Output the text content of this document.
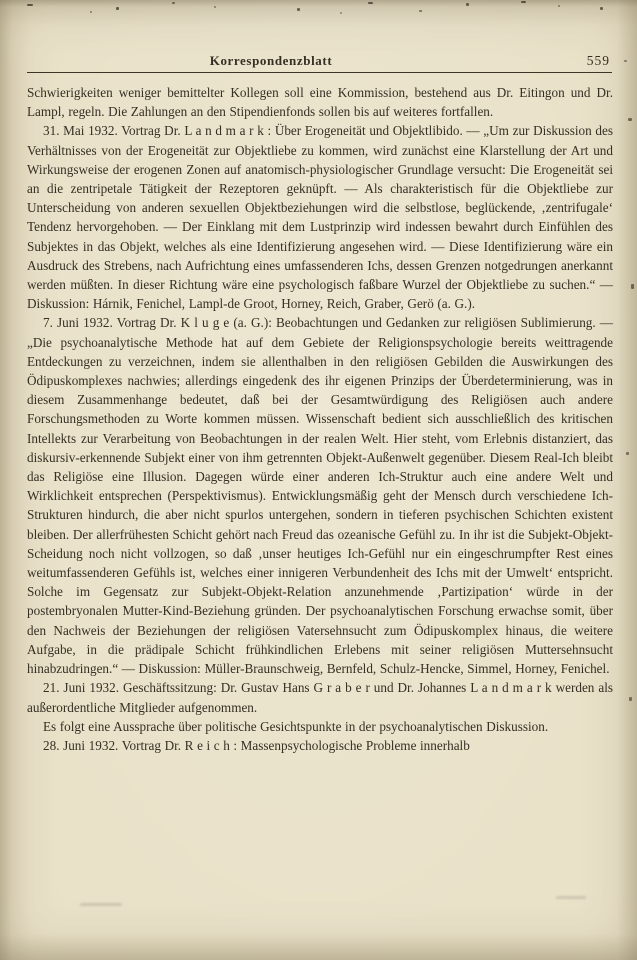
Korrespondenzblatt	559

Schwierigkeiten weniger bemittelter Kollegen soll eine Kommission, bestehend aus Dr. Eitingon und Dr. Lampl, regeln. Die Zahlungen an den Stipendienfonds sollen bis auf weiteres fortfallen.

31. Mai 1932. Vortrag Dr. L a n d m a r k : Über Erogeneität und Objektlibido. — „Um zur Diskussion des Verhältnisses von der Erogeneität zur Objektliebe zu kommen, wird zunächst eine Klarstellung der Art und Wirkungsweise der erogenen Zonen auf anatomisch-physiologischer Grundlage versucht: Die Erogeneität sei an die zentripetale Tätigkeit der Rezeptoren geknüpft. — Als charakteristisch für die Objektliebe zur Unterscheidung von anderen sexuellen Objektbeziehungen wird die selbstlose, beglückende, ‚zentrifugale‘ Tendenz hervorgehoben. — Der Einklang mit dem Lustprinzip wird indessen bewahrt durch Einfühlen des Subjektes in das Objekt, welches als eine Identifizierung angesehen wird. — Diese Identifizierung wäre ein Ausdruck des Strebens, nach Aufrichtung eines umfassenderen Ichs, dessen Grenzen notgedrungen anerkannt werden müßten. In dieser Richtung wäre eine psychologisch faßbare Wurzel der Objektliebe zu suchen.“ — Diskussion: Hárnik, Fenichel, Lampl-de Groot, Horney, Reich, Graber, Gerö (a. G.).

7. Juni 1932. Vortrag Dr. K l u g e (a. G.): Beobachtungen und Gedanken zur religiösen Sublimierung. — „Die psychoanalytische Methode hat auf dem Gebiete der Religionspsychologie bereits weittragende Entdeckungen zu verzeichnen, indem sie allenthalben in den religiösen Gebilden die Auswirkungen des Ödipuskomplexes nachwies; allerdings eingedenk des ihr eigenen Prinzips der Überdeterminierung, was in diesem Zusammenhange bedeutet, daß bei der Gesamtwürdigung des Religiösen auch andere Forschungsmethoden zu Worte kommen müssen. Wissenschaft bedient sich ausschließlich des kritischen Intellekts zur Verarbeitung von Beobachtungen in der realen Welt. Hier steht, vom Erlebnis distanziert, das diskursiv-erkennende Subjekt einer von ihm getrennten Objekt-Außenwelt gegenüber. Diesem Real-Ich bleibt das Religiöse eine Illusion. Dagegen würde einer anderen Ich-Struktur auch eine andere Welt und Wirklichkeit entsprechen (Perspektivismus). Entwicklungsmäßig geht der Mensch durch verschiedene Ich-Strukturen hindurch, die aber nicht spurlos untergehen, sondern in tieferen psychischen Schichten existent bleiben. Der allerfrühesten Schicht gehört nach Freud das ozeanische Gefühl zu. In ihr ist die Subjekt-Objekt-Scheidung noch nicht vollzogen, so daß ‚unser heutiges Ich-Gefühl nur ein eingeschrumpfter Rest eines weitumfassenderen Gefühls ist, welches einer innigeren Verbundenheit des Ichs mit der Umwelt‘ entspricht. Solche im Gegensatz zur Subjekt-Objekt-Relation anzunehmende ‚Partizipation‘ würde in der postembryonalen Mutter-Kind-Beziehung gründen. Der psychoanalytischen Forschung erwachse somit, über den Nachweis der Beziehungen der religiösen Vatersehnsucht zum Ödipuskomplex hinaus, die weitere Aufgabe, in die prädipale Schicht frühkindlichen Erlebens mit seiner religiösen Muttersehnsucht hinabzudringen.“ — Diskussion: Müller-Braunschweig, Bernfeld, Schulz-Hencke, Simmel, Horney, Fenichel.

21. Juni 1932. Geschäftssitzung: Dr. Gustav Hans G r a b e r und Dr. Johannes L a n d m a r k werden als außerordentliche Mitglieder aufgenommen.

Es folgt eine Aussprache über politische Gesichtspunkte in der psychoanalytischen Diskussion.

28. Juni 1932. Vortrag Dr. R e i c h : Massenpsychologische Probleme innerhalb
